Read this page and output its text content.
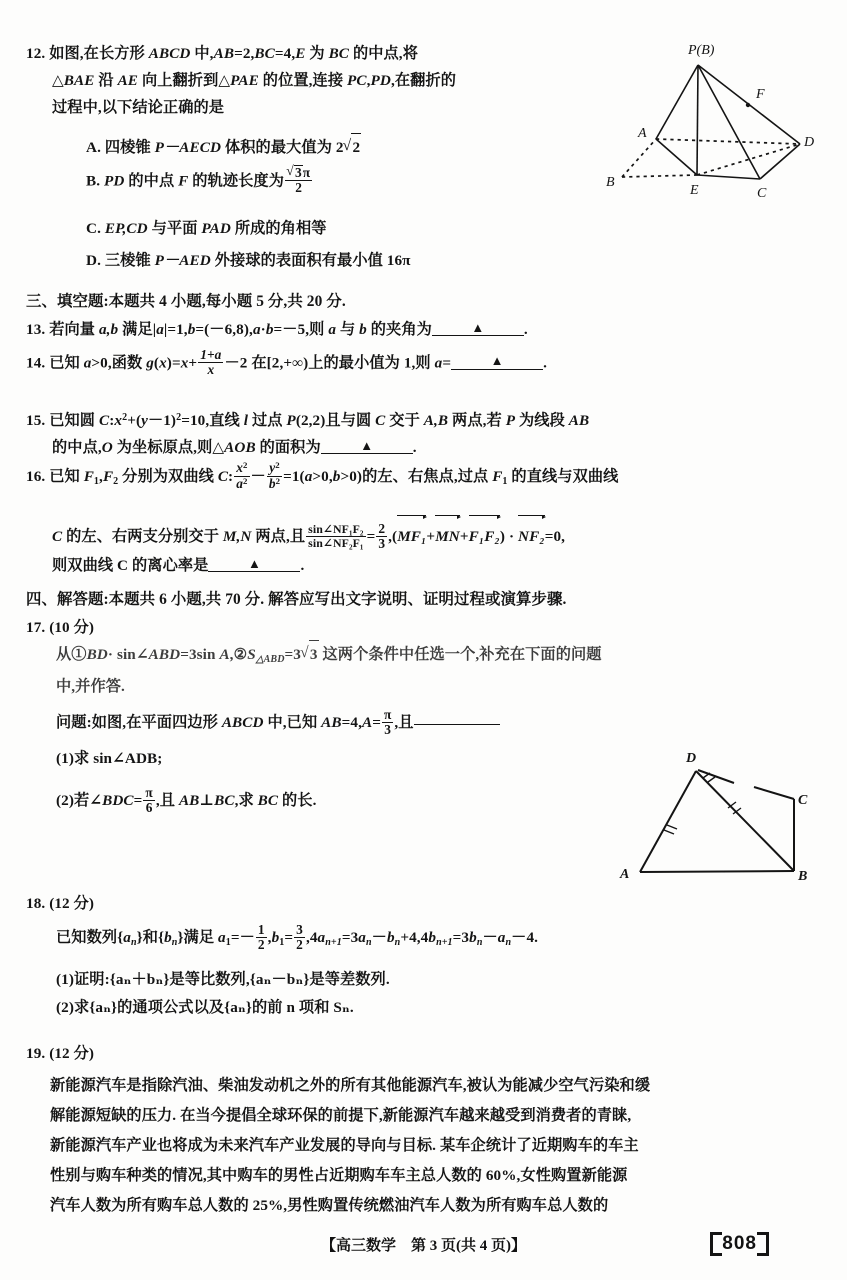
12. 如图,在长方形 ABCD 中,AB=2,BC=4,E 为 BC 的中点,将
△BAE 沿 AE 向上翻折到△PAE 的位置,连接 PC,PD,在翻折的
过程中,以下结论正确的是
A. 四棱锥 P－AECD 体积的最大值为 2 √ 2
B. PD 的中点 F 的轨迹长度为 √ $\frac{3\pi}{2}$
C. EP,CD 与平面 PAD 所成的角相等
D. 三棱锥 P－AED 外接球的表面积有最小值 16π
P(B)
F
A
D
B
E	C
三、填空题:本题共 4 小题,每小题 5 分,共 20 分.
13. 若向量 a,b 满足|a|=1,b=(－6,8),a·b=－5,则 a 与 b 的夹角为	▲	.
14. 已知 a>0,函数 $g(x)=x+ \frac{1+a}{x} -2$ 在[2,+∞)上的最小值为 1,则 a=	▲	.
15. 已知圆 $C:x^2+(y-1)^2=10$,直线 l 过点 P(2,2)且与圆 C 交于 A,B 两点,若 P 为线段 AB
的中点,O 为坐标原点,则△AOB 的面积为	▲	.
16. 已知 $F_1,F_2$ 分别为双曲线 C: $\frac{x^2}{a^2} - \frac{y^2}{b^2} =1(a>0,b>0)$的左、右焦点,过点 $F_1$ 的直线与双曲线
C 的左、右两支分别交于 M,N 两点,且 $\frac{\text{sin∠NF₁F₂}}{\text{sin∠NF₂F₁}} = \frac{2}{3} ,(MF_1+MN+F_1F_2) \cdot NF_2=0$,
则双曲线 C 的离心率是	▲	.
四、解答题:本题共 6 小题,共 70 分. 解答应写出文字说明、证明过程或演算步骤.
17. (10 分)
从①BD· sin∠ABD=3sin $A,②S_{\triangle ABD}=3$ √ 3 这两个条件中任选一个,补充在下面的问题
中,并作答.
问题:如图,在平面四边形 ABCD 中,已知 $AB=4,A= \frac{\pi}{3}$ ,且
(1)求 sin∠ADB;
(2)若∠BDC= $\frac{\pi}{6}$ ,且 AB⊥BC,求 BC 的长.
D
C
A	B
18. (12 分)
已知数列$\{a_n\}$和$\{b_n\}$满足 $a_1=- \frac{1}{2} ,b_1= \frac{3}{2} ,4a_{n+1}=3a_n-b_n+4,4b_{n+1}=3b_n-a_n-4$.
(1)证明:{aₙ＋bₙ}是等比数列,{aₙ－bₙ}是等差数列.
(2)求{aₙ}的通项公式以及{aₙ}的前 n 项和 Sₙ.
19. (12 分)
新能源汽车是指除汽油、柴油发动机之外的所有其他能源汽车,被认为能减少空气污染和缓
解能源短缺的压力. 在当今提倡全球环保的前提下,新能源汽车越来越受到消费者的青睐,
新能源汽车产业也将成为未来汽车产业发展的导向与目标. 某车企统计了近期购车的车主
性别与购车种类的情况,其中购车的男性占近期购车车主总人数的 60%,女性购置新能源
汽车人数为所有购车总人数的 25%,男性购置传统燃油汽车人数为所有购车总人数的
【高三数学　第 3 页(共 4 页)】	808
